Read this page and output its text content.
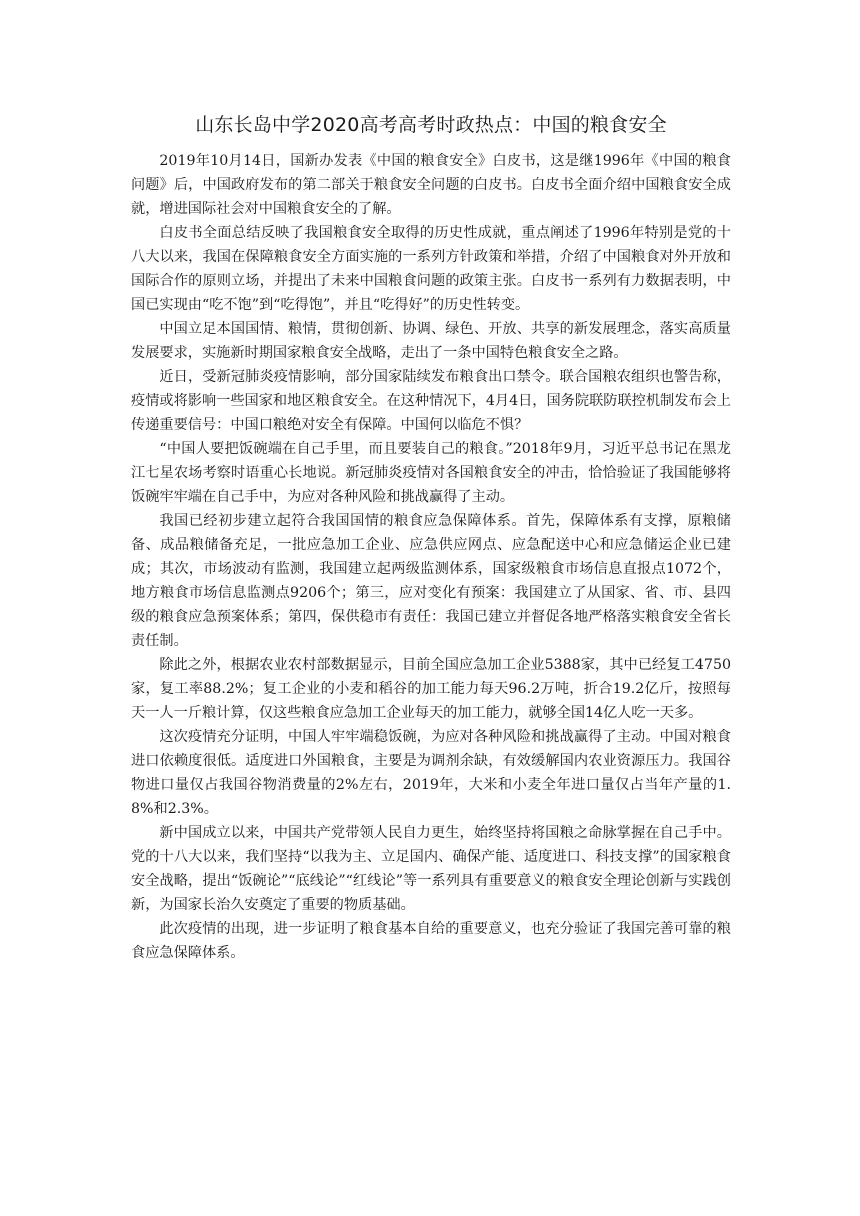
山东长岛中学2020高考高考时政热点：中国的粮食安全

2019年10月14日，国新办发表《中国的粮食安全》白皮书，这是继1996年《中国的粮食问题》后，中国政府发布的第二部关于粮食安全问题的白皮书。白皮书全面介绍中国粮食安全成就，增进国际社会对中国粮食安全的了解。

白皮书全面总结反映了我国粮食安全取得的历史性成就，重点阐述了1996年特别是党的十八大以来，我国在保障粮食安全方面实施的一系列方针政策和举措，介绍了中国粮食对外开放和国际合作的原则立场，并提出了未来中国粮食问题的政策主张。白皮书一系列有力数据表明，中国已实现由“吃不饱”到“吃得饱”，并且“吃得好”的历史性转变。

中国立足本国国情、粮情，贯彻创新、协调、绿色、开放、共享的新发展理念，落实高质量发展要求，实施新时期国家粮食安全战略，走出了一条中国特色粮食安全之路。

近日，受新冠肺炎疫情影响，部分国家陆续发布粮食出口禁令。联合国粮农组织也警告称，疫情或将影响一些国家和地区粮食安全。在这种情况下，4月4日，国务院联防联控机制发布会上传递重要信号：中国口粮绝对安全有保障。中国何以临危不惧？

“中国人要把饭碗端在自己手里，而且要装自己的粮食。”2018年9月，习近平总书记在黑龙江七星农场考察时语重心长地说。新冠肺炎疫情对各国粮食安全的冲击，恰恰验证了我国能够将饭碗牢牢端在自己手中，为应对各种风险和挑战赢得了主动。

我国已经初步建立起符合我国国情的粮食应急保障体系。首先，保障体系有支撑，原粮储备、成品粮储备充足，一批应急加工企业、应急供应网点、应急配送中心和应急储运企业已建成；其次，市场波动有监测，我国建立起两级监测体系，国家级粮食市场信息直报点1072个，地方粮食市场信息监测点9206个；第三，应对变化有预案：我国建立了从国家、省、市、县四级的粮食应急预案体系；第四，保供稳市有责任：我国已建立并督促各地严格落实粮食安全省长责任制。

除此之外，根据农业农村部数据显示，目前全国应急加工企业5388家，其中已经复工4750家，复工率88.2%；复工企业的小麦和稻谷的加工能力每天96.2万吨，折合19.2亿斤，按照每天一人一斤粮计算，仅这些粮食应急加工企业每天的加工能力，就够全国14亿人吃一天多。

这次疫情充分证明，中国人牢牢端稳饭碗，为应对各种风险和挑战赢得了主动。中国对粮食进口依赖度很低。适度进口外国粮食，主要是为调剂余缺，有效缓解国内农业资源压力。我国谷物进口量仅占我国谷物消费量的2%左右，2019年，大米和小麦全年进口量仅占当年产量的1.8%和2.3%。

新中国成立以来，中国共产党带领人民自力更生，始终坚持将国粮之命脉掌握在自己手中。党的十八大以来，我们坚持“以我为主、立足国内、确保产能、适度进口、科技支撑”的国家粮食安全战略，提出“饭碗论”“底线论”“红线论”等一系列具有重要意义的粮食安全理论创新与实践创新，为国家长治久安奠定了重要的物质基础。

此次疫情的出现，进一步证明了粮食基本自给的重要意义，也充分验证了我国完善可靠的粮食应急保障体系。
